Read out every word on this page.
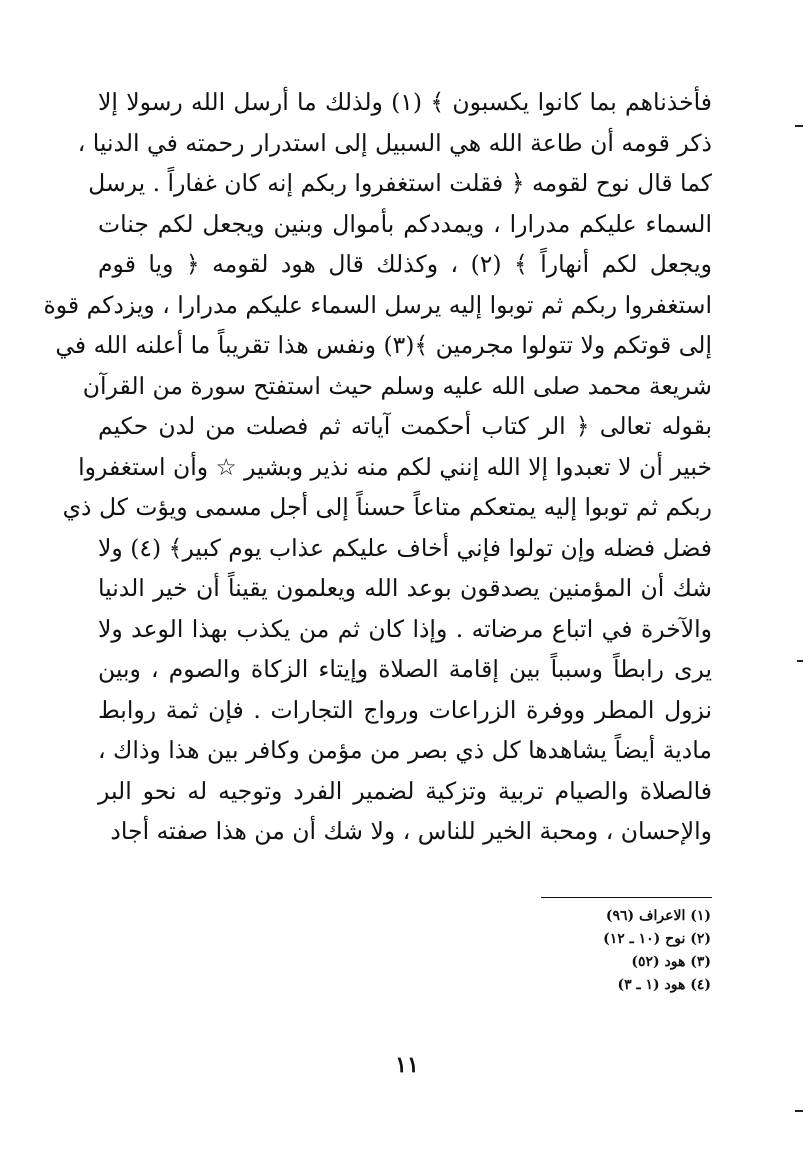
فأخذناهم بما كانوا يكسبون ﴾ (١) ولذلك ما أرسل الله رسولا إلا
ذكر قومه أن طاعة الله هي السبيل إلى استدرار رحمته في الدنيا ،
كما قال نوح لقومه ﴿ فقلت استغفروا ربكم إنه كان غفاراً . يرسل
السماء عليكم مدرارا ، ويمددكم بأموال وبنين ويجعل لكم جنات
ويجعل لكم أنهاراً ﴾ (٢) ، وكذلك قال هود لقومه ﴿ ويا قوم
استغفروا ربكم ثم توبوا إليه يرسل السماء عليكم مدرارا ، ويزدكم قوة
إلى قوتكم ولا تتولوا مجرمين ﴾(٣) ونفس هذا تقريباً ما أعلنه الله في
شريعة محمد صلى الله عليه وسلم حيث استفتح سورة من القرآن
بقوله تعالى ﴿ الر كتاب أحكمت آياته ثم فصلت من لدن حكيم
خبير أن لا تعبدوا إلا الله إنني لكم منه نذير وبشير ☆ وأن استغفروا
ربكم ثم توبوا إليه يمتعكم متاعاً حسناً إلى أجل مسمى ويؤت كل ذي
فضل فضله وإن تولوا فإني أخاف عليكم عذاب يوم كبير﴾ (٤) ولا
شك أن المؤمنين يصدقون بوعد الله ويعلمون يقيناً أن خير الدنيا
والآخرة في اتباع مرضاته . وإذا كان ثم من يكذب بهذا الوعد ولا
يرى رابطاً وسبباً بين إقامة الصلاة وإيتاء الزكاة والصوم ، وبين
نزول المطر ووفرة الزراعات ورواج التجارات . فإن ثمة روابط
مادية أيضاً يشاهدها كل ذي بصر من مؤمن وكافر بين هذا وذاك ،
فالصلاة والصيام تربية وتزكية لضمير الفرد وتوجيه له نحو البر
والإحسان ، ومحبة الخير للناس ، ولا شك أن من هذا صفته أجاد
(١) الاعراف (٩٦)
(٢) نوح (١٠ ـ ١٢)
(٣) هود (٥٢)
(٤) هود (١ ـ ٣)
١١
